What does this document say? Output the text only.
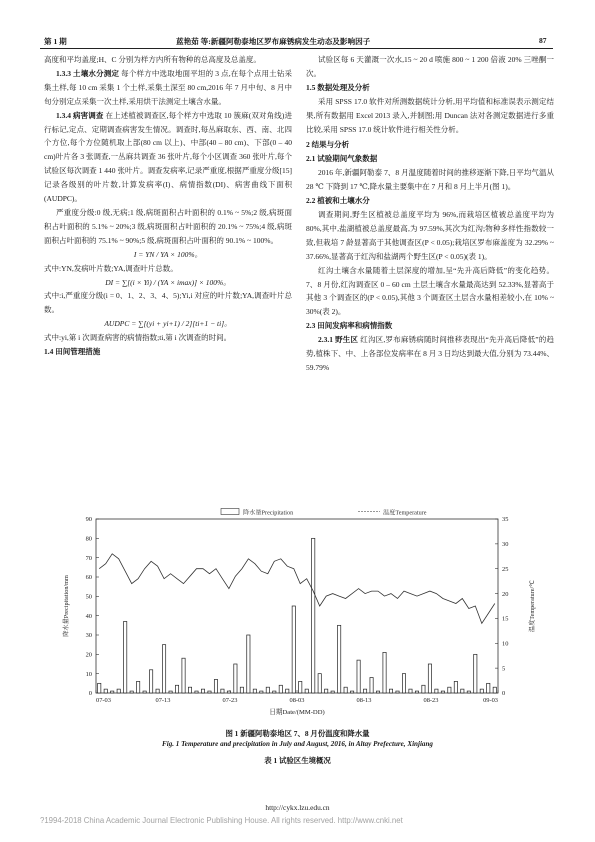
第 1 期	蓝艳茹 等:新疆阿勒泰地区罗布麻锈病发生动态及影响因子	87

高度和平均盖度;H、C 分别为样方内所有物种的总高度及总盖度。

1.3.3 土壤水分测定 每个样方中选取地面平坦的 3 点,在每个点用土钻采集土样,每 10 cm 采集 1 个土样,采集土深至 80 cm,2016 年 7 月中旬、8 月中旬分别定点采集一次土样,采用烘干法测定土壤含水量。

1.3.4 病害调查 在上述植被调查区,每个样方中选取 10 簇麻(双对角线)进行标记,定点、定期调查病害发生情况。调查时,每丛麻取东、西、南、北四个方位,每个方位随机取上部(80 cm 以上)、中部(40 – 80 cm)、下部(0 – 40 cm)叶片各 3 张调查,一丛麻共调查 36 张叶片,每个小区调查 360 张叶片,每个试验区每次调查 1 440 张叶片。调查发病率,记录严重度,根据严重度分级[15] 记录各级别的叶片数,计算发病率(I)、病情指数(DI)、病害曲线下面积(AUDPC)。

严重度分级:0 级,无病;1 级,病斑面积占叶面积的 0.1% ~ 5%;2 级,病斑面积占叶面积的 5.1% ~ 20%;3 级,病斑面积占叶面积的 20.1% ~ 75%;4 级,病斑面积占叶面积的 75.1% ~ 90%;5 级,病斑面积占叶面积的 90.1% ~ 100%。

I = YN / YA × 100%。

式中:YN,发病叶片数;YA,调查叶片总数。

DI = ∑[(i × Yi) / (YA × imax)] × 100%。

式中:i,严重度分级(i = 0、1、2、3、4、5);Yi,i 对应的叶片数;YA,调查叶片总数。

AUDPC = ∑[(yi + yi+1) / 2][ti+1 − ti]。

式中:yi,第 i 次调查病害的病情指数;ti,第 i 次调查的时间。

1.4 田间管理措施

试验区每 6 天灌溉一次水,15 ~ 20 d 喷施 800 ~ 1 200 倍液 20% 三唑酮一次。

1.5 数据处理及分析

采用 SPSS 17.0 软件对所测数据统计分析,用平均值和标准误表示测定结果,所有数据用 Excel 2013 录入,并制图;用 Duncan 法对各测定数据进行多重比较,采用 SPSS 17.0 统计软件进行相关性分析。

2 结果与分析

2.1 试验期间气象数据

2016 年,新疆阿勒泰 7、8 月温度随着时间的推移逐渐下降,日平均气温从 28 ℃ 下降到 17 ℃,降水量主要集中在 7 月和 8 月上半月(图 1)。

2.2 植被和土壤水分

调查期间,野生区植被总盖度平均为 96%,而栽培区植被总盖度平均为 80%,其中,盐湖植被总盖度最高,为 97.59%,其次为红沟;物种多样性指数较一致,但栽培 7 龄显著高于其他调查区(P < 0.05);栽培区罗布麻盖度为 32.29% ~ 37.66%,显著高于红沟和盐湖两个野生区(P < 0.05)(表 1)。

红沟土壤含水量随着土层深度的增加,呈“先升高后降低”的变化趋势。7、8 月份,红沟调查区 0 – 60 cm 土层土壤含水量最高达到 52.33%,显著高于其他 3 个调查区的(P < 0.05),其他 3 个调查区土层含水量相差较小,在 10% ~ 30%(表 2)。

2.3 田间发病率和病情指数

2.3.1 野生区 红沟区,罗布麻锈病随时间推移表现出“先升高后降低”的趋势,植株下、中、上各部位发病率在 8 月 3 日均达到最大值,分别为 73.44%、59.79%

降水量Precipitation	温度Temperature
降水量Precipitation/mm	温度Temperature/℃
日期Date/(MM-DD)
0
10
20
30
40
50
60
70
80
90
0
5
10
15
20
25
30
35
07-03	07-13	07-23	08-03	08-13	08-23	09-03
图 1 新疆阿勒泰地区 7、8 月份温度和降水量
Fig. 1 Temperature and precipitation in July and August, 2016, in Altay Prefecture, Xinjiang
表 1 试验区生境概况
http://cykx.lzu.edu.cn
?1994-2018 China Academic Journal Electronic Publishing House. All rights reserved. http://www.cnki.net
